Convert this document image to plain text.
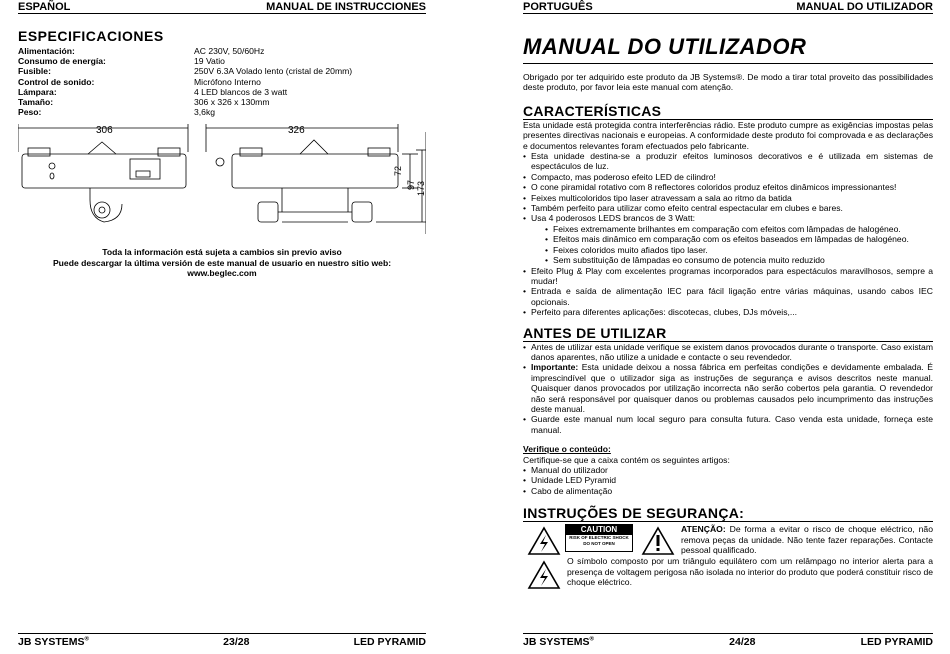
ESPAÑOL	MANUAL DE INSTRUCCIONES
ESPECIFICACIONES
Alimentación:	AC 230V, 50/60Hz
Consumo de energía:	19 Vatio
Fusible:	250V 6.3A Volado lento (cristal de 20mm)
Control de sonido:	Micrófono Interno
Lámpara:	4 LED blancos de 3 watt
Tamaño:	306 x 326 x 130mm
Peso:	3,6kg
306	326
72
97 173
Toda la información está sujeta a cambios sin previo aviso
Puede descargar la última versión de este manual de usuario en nuestro sitio web: www.beglec.com
JB SYSTEMS®	23/28	LED PYRAMID
PORTUGUÊS	MANUAL DO UTILIZADOR
MANUAL DO UTILIZADOR
Obrigado por ter adquirido este produto da JB Systems®. De modo a tirar total proveito das possibilidades deste produto, por favor leia este manual com atenção.
CARACTERÍSTICAS
Esta unidade está protegida contra interferências rádio. Este produto cumpre as exigências impostas pelas presentes directivas nacionais e europeias. A conformidade deste produto foi comprovada e as declarações e documentos relevantes foram efectuados pelo fabricante.
• Esta unidade destina-se a produzir efeitos luminosos decorativos e é utilizada em sistemas de espectáculos de luz.
• Compacto, mas poderoso efeito LED de cilindro!
• O cone piramidal rotativo com 8 reflectores coloridos produz efeitos dinâmicos impressionantes!
• Feixes multicoloridos tipo laser atravessam a sala ao ritmo da batida
• Também perfeito para utilizar como efeito central espectacular em clubes e bares.
• Usa 4 poderosos LEDS brancos de 3 Watt:
• Feixes extremamente brilhantes em comparação com efeitos com lâmpadas de halogéneo.
• Efeitos mais dinâmico em comparação com os efeitos baseados em lâmpadas de halogéneo.
• Feixes coloridos muito afiados tipo laser.
• Sem substituição de lâmpadas eo consumo de potencia muito reduzido
• Efeito Plug & Play com excelentes programas incorporados para espectáculos maravilhosos, sempre a mudar!
• Entrada e saída de alimentação IEC para fácil ligação entre várias máquinas, usando cabos IEC opcionais.
• Perfeito para diferentes aplicações: discotecas, clubes, DJs móveis,...
ANTES DE UTILIZAR
• Antes de utilizar esta unidade verifique se existem danos provocados durante o transporte. Caso existam danos aparentes, não utilize a unidade e contacte o seu revendedor.
• Importante: Esta unidade deixou a nossa fábrica em perfeitas condições e devidamente embalada. É imprescindível que o utilizador siga as instruções de segurança e avisos descritos neste manual. Quaisquer danos provocados por utilização incorrecta não serão cobertos pela garantia. O revendedor não será responsável por quaisquer danos ou problemas causados pelo incumprimento das instruções deste manual.
• Guarde este manual num local seguro para consulta futura. Caso venda esta unidade, forneça este manual.
Verifique o conteúdo:
Certifique-se que a caixa contém os seguintes artigos:
• Manual do utilizador
• Unidade LED Pyramid
• Cabo de alimentação
INSTRUÇÕES DE SEGURANÇA:
CAUTION
RISK OF ELECTRIC SHOCK
DO NOT OPEN
ATENÇÃO: De forma a evitar o risco de choque eléctrico, não remova peças da unidade. Não tente fazer reparações. Contacte pessoal qualificado.
O símbolo composto por um triângulo equilátero com um relâmpago no interior alerta para a presença de voltagem perigosa não isolada no interior do produto que poderá constituir risco de choque eléctrico.
JB SYSTEMS®	24/28	LED PYRAMID
